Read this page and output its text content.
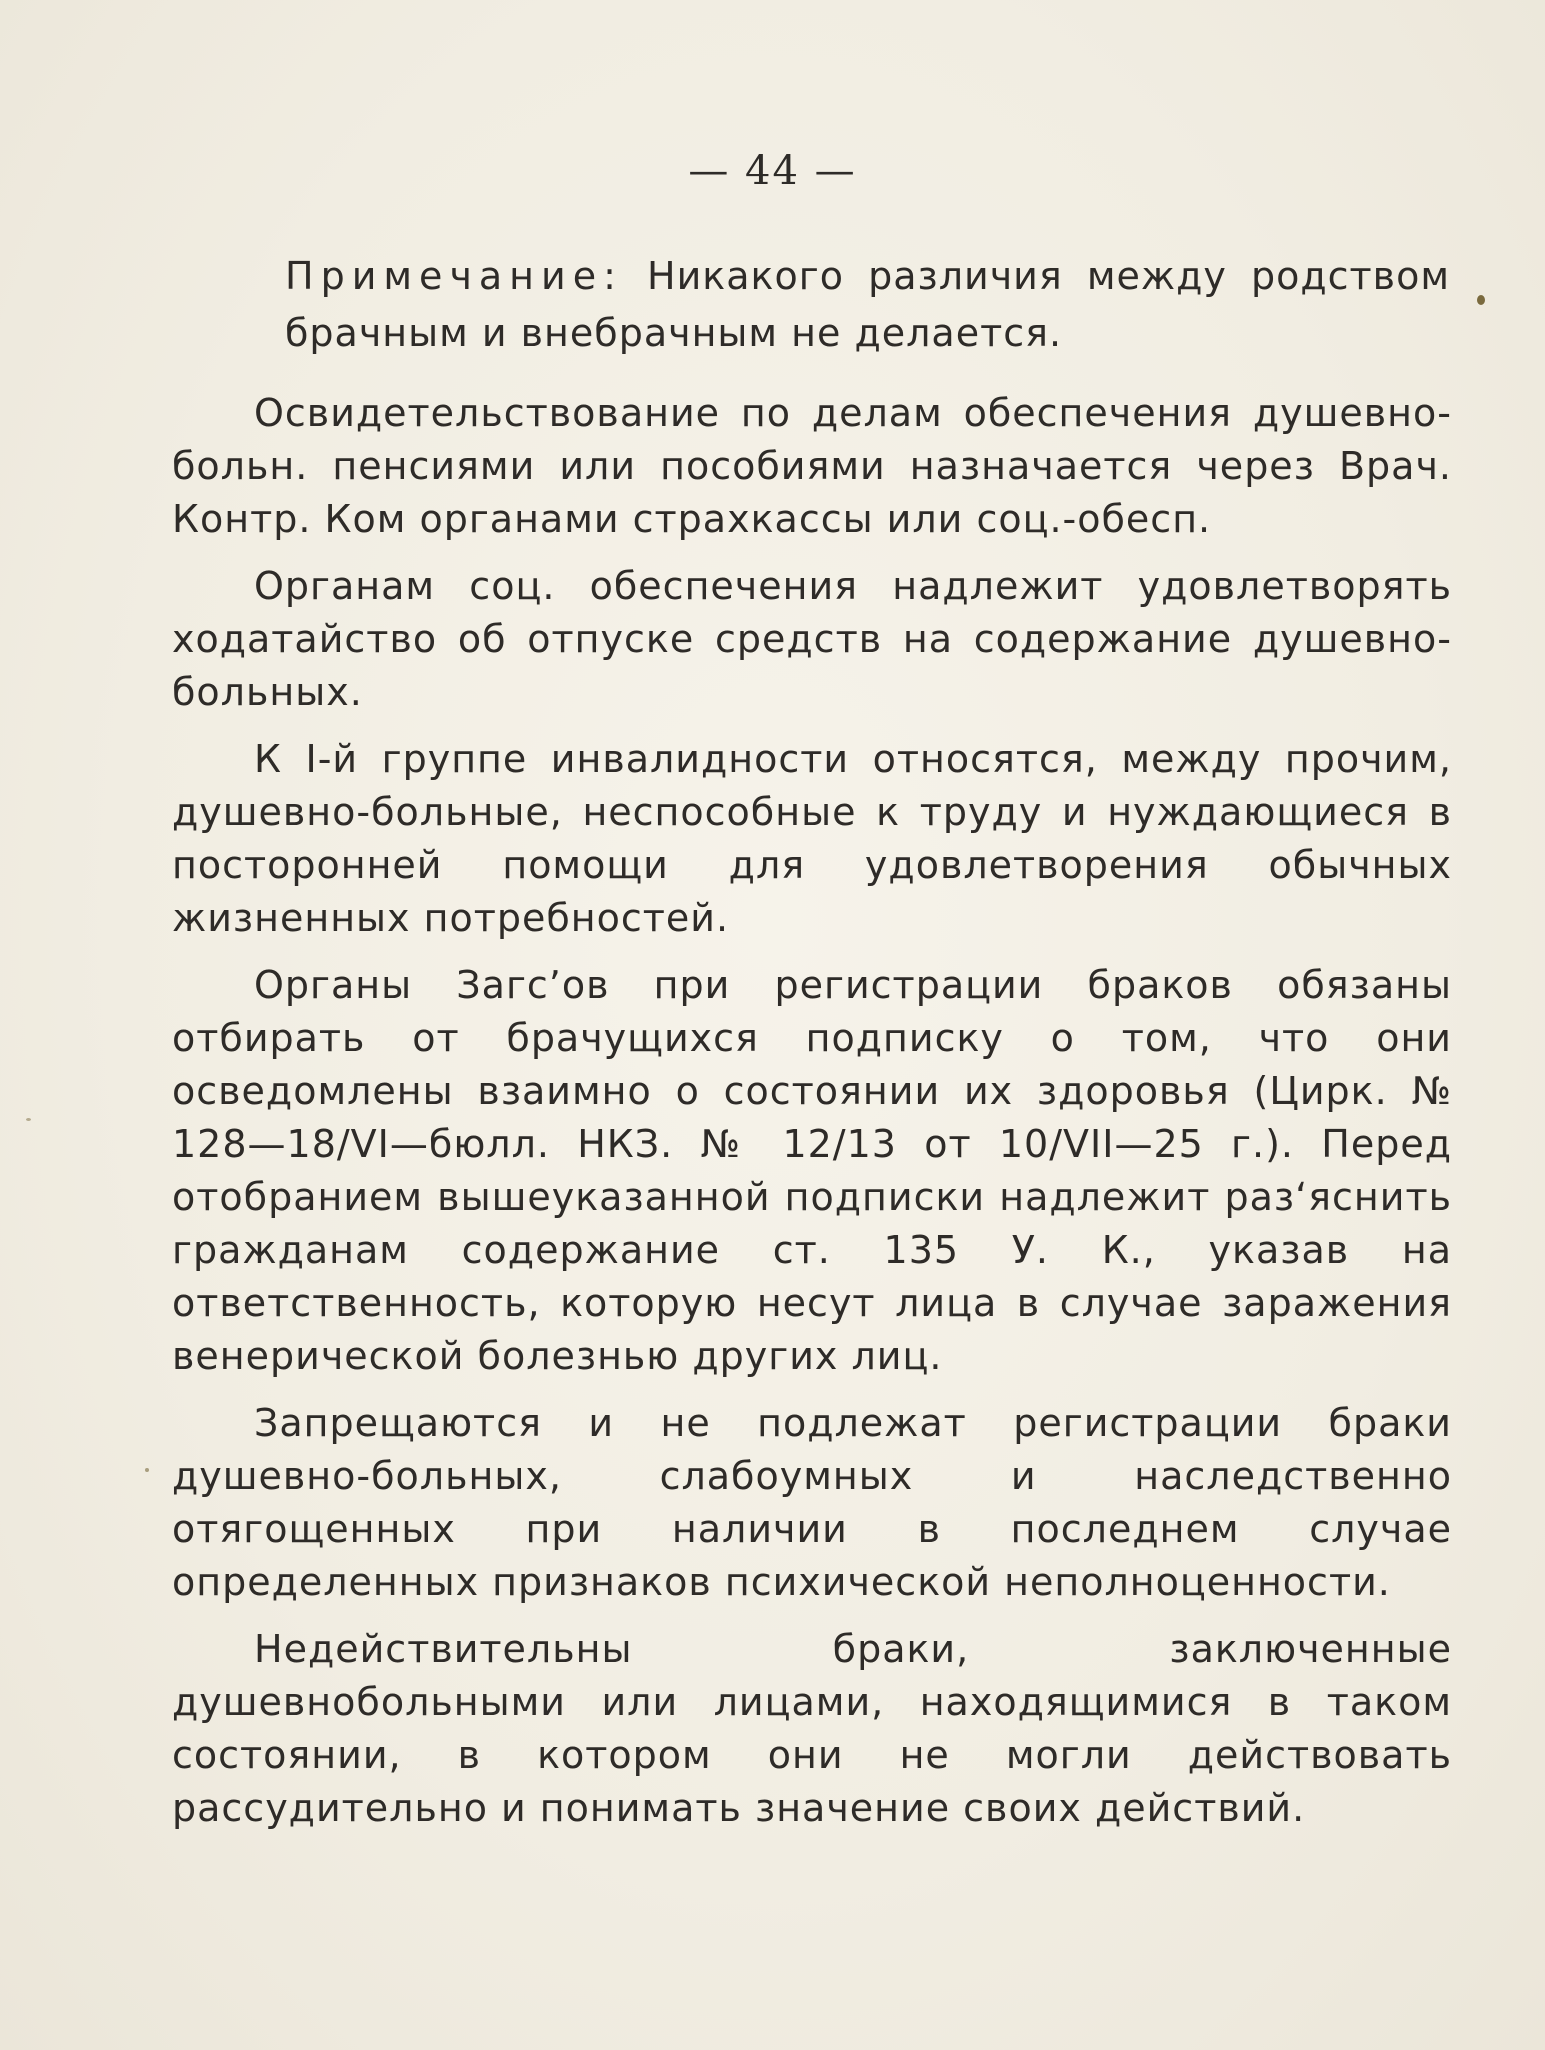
— 44 —
Примечание: Никакого различия между родством брачным и внебрачным не делается.

Освидетельствование по делам обеспечения душевно-больн. пенсиями или пособиями назначается через Врач. Контр. Ком органами страхкассы или соц.-обесп.

Органам соц. обеспечения надлежит удовлетворять ходатайство об отпуске средств на содержание душевно-больных.

К I-й группе инвалидности относятся, между прочим, душевно-больные, неспособные к труду и нуждающиеся в посторонней помощи для удовлетворения обычных жизненных потребностей.

Органы Загс’ов при регистрации браков обязаны отбирать от брачущихся подписку о том, что они осведомлены взаимно о состоянии их здоровья (Цирк. № 128—18/VI—бюлл. НКЗ. № 12/13 от 10/VII—25 г.). Перед отобранием вышеуказанной подписки надлежит раз‘яснить гражданам содержание ст. 135 У. К., указав на ответственность, которую несут лица в случае заражения венерической болезнью других лиц.

Запрещаются и не подлежат регистрации браки душевно-больных, слабоумных и наследственно отягощенных при наличии в последнем случае определенных признаков психической неполноценности.

Недействительны браки, заключенные душевнобольными или лицами, находящимися в таком состоянии, в котором они не могли действовать рассудительно и понимать значение своих действий.
